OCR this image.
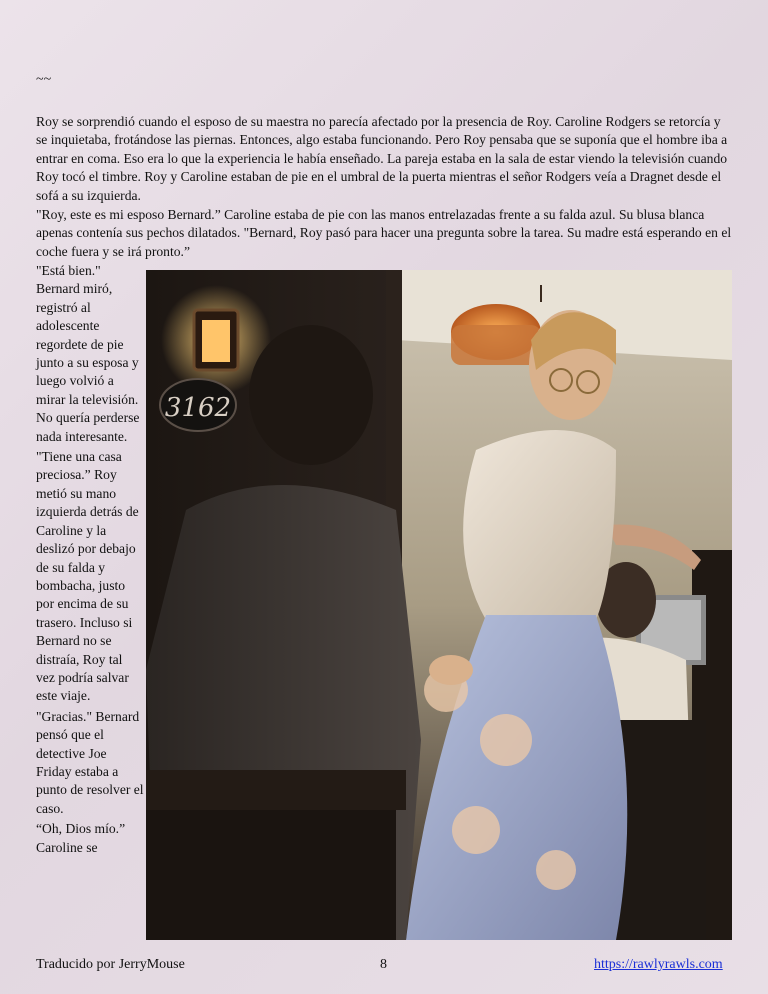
~~

Roy se sorprendió cuando el esposo de su maestra no parecía afectado por la presencia de Roy. Caroline Rodgers se retorcía y se inquietaba, frotándose las piernas. Entonces, algo estaba funcionando. Pero Roy pensaba que se suponía que el hombre iba a entrar en coma. Eso era lo que la experiencia le había enseñado. La pareja estaba en la sala de estar viendo la televisión cuando Roy tocó el timbre. Roy y Caroline estaban de pie en el umbral de la puerta mientras el señor Rodgers veía a Dragnet desde el sofá a su izquierda.

"Roy, este es mi esposo Bernard.” Caroline estaba de pie con las manos entrelazadas frente a su falda azul. Su blusa blanca apenas contenía sus pechos dilatados. "Bernard, Roy pasó para hacer una pregunta sobre la tarea. Su madre está esperando en el coche fuera y se irá pronto.”

"Está bien." Bernard miró, registró al adolescente regordete de pie junto a su esposa y luego volvió a mirar la televisión. No quería perderse nada interesante.

"Tiene una casa preciosa.” Roy metió su mano izquierda detrás de Caroline y la deslizó por debajo de su falda y bombacha, justo por encima de su trasero. Incluso si Bernard no se distraía, Roy tal vez podría salvar este viaje.

"Gracias." Bernard pensó que el detective Joe Friday estaba a punto de resolver el caso.

“Oh, Dios mío.” Caroline se

3162
Traducido por JerryMouse	8	https://rawlyrawls.com
